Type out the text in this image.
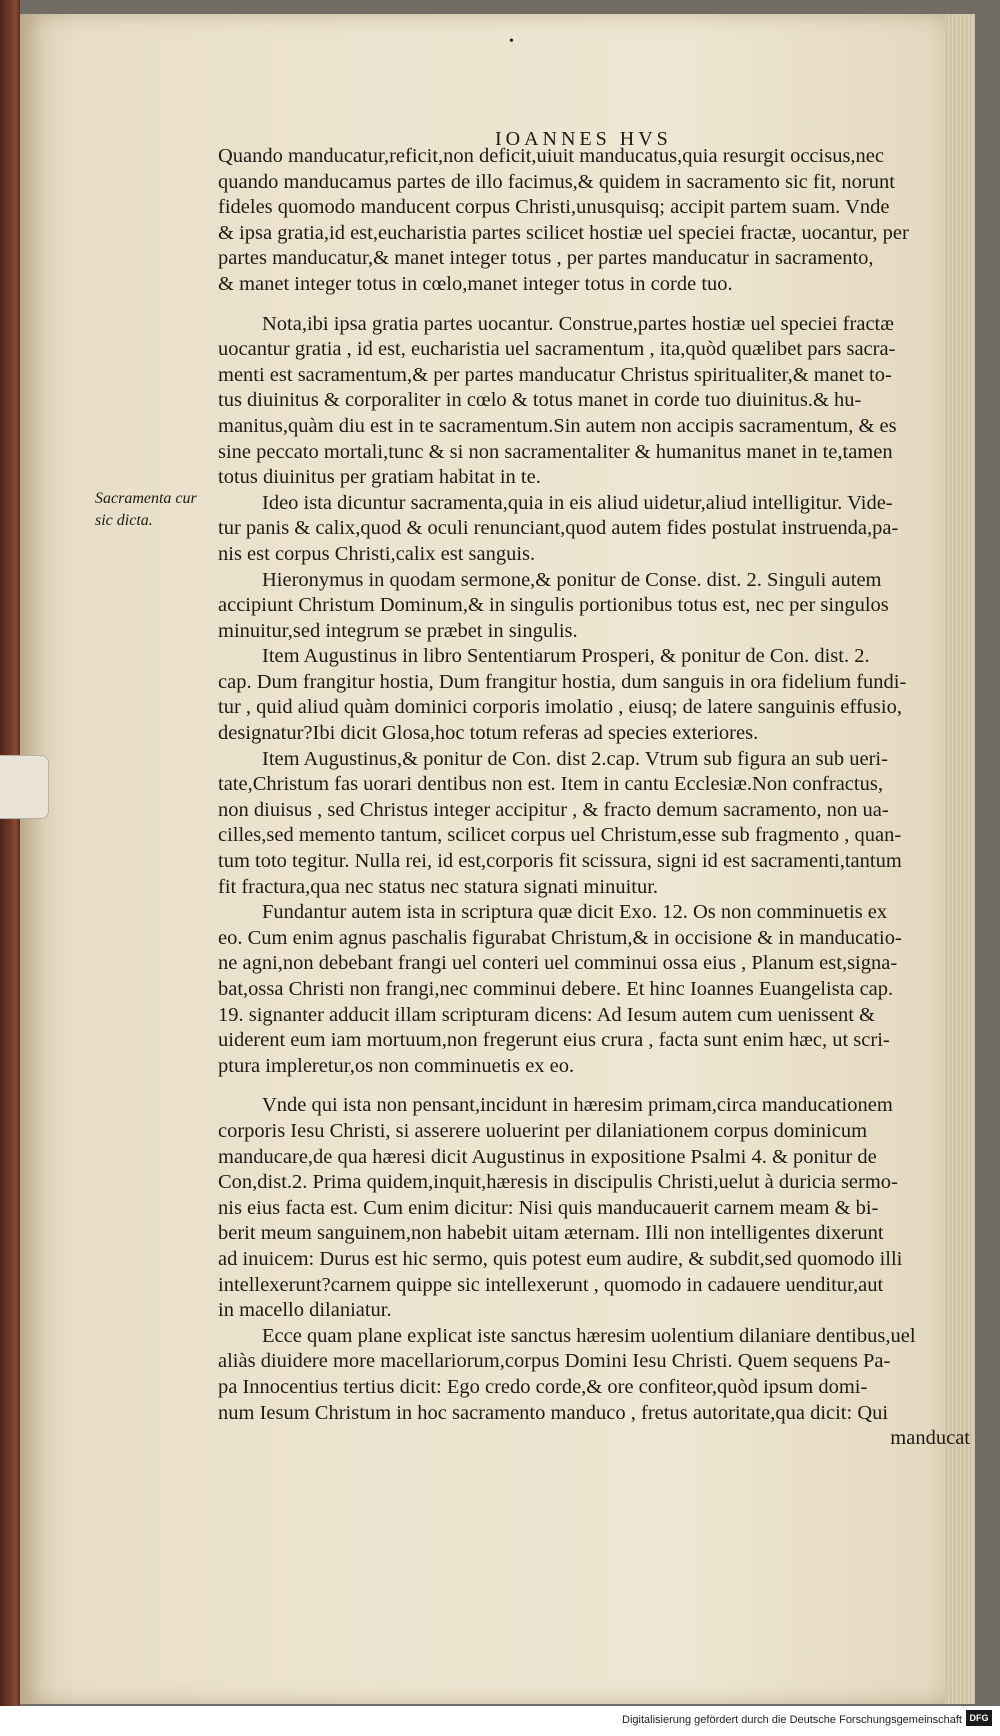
•
IOANNES HVS
Sacramenta cur
sic dicta.
Quando manducatur,reficit,non deficit,uiuit manducatus,quia resurgit occisus,nec
quando manducamus partes de illo facimus,& quidem in sacramento sic fit, norunt
fideles quomodo manducent corpus Christi,unusquisq; accipit partem suam. Vnde
& ipsa gratia,id est,eucharistia partes scilicet hostiæ uel speciei fractæ, uocantur, per
partes manducatur,& manet integer totus , per partes manducatur in sacramento,
& manet integer totus in cœlo,manet integer totus in corde tuo.
Nota,ibi ipsa gratia partes uocantur. Construe,partes hostiæ uel speciei fractæ
uocantur gratia , id est, eucharistia uel sacramentum , ita,quòd quælibet pars sacra-
menti est sacramentum,& per partes manducatur Christus spiritualiter,& manet to-
tus diuinitus & corporaliter in cœlo & totus manet in corde tuo diuinitus.& hu-
manitus,quàm diu est in te sacramentum.Sin autem non accipis sacramentum, & es
sine peccato mortali,tunc & si non sacramentaliter & humanitus manet in te,tamen
totus diuinitus per gratiam habitat in te.
Ideo ista dicuntur sacramenta,quia in eis aliud uidetur,aliud intelligitur. Vide-
tur panis & calix,quod & oculi renunciant,quod autem fides postulat instruenda,pa-
nis est corpus Christi,calix est sanguis.
Hieronymus in quodam sermone,& ponitur de Conse. dist. 2. Singuli autem
accipiunt Christum Dominum,& in singulis portionibus totus est, nec per singulos
minuitur,sed integrum se præbet in singulis.
Item Augustinus in libro Sententiarum Prosperi, & ponitur de Con. dist. 2.
cap. Dum frangitur hostia, Dum frangitur hostia, dum sanguis in ora fidelium fundi-
tur , quid aliud quàm dominici corporis imolatio , eiusq; de latere sanguinis effusio,
designatur?Ibi dicit Glosa,hoc totum referas ad species exteriores.
Item Augustinus,& ponitur de Con. dist 2.cap. Vtrum sub figura an sub ueri-
tate,Christum fas uorari dentibus non est. Item in cantu Ecclesiæ.Non confractus,
non diuisus , sed Christus integer accipitur , & fracto demum sacramento, non ua-
cilles,sed memento tantum, scilicet corpus uel Christum,esse sub fragmento , quan-
tum toto tegitur. Nulla rei, id est,corporis fit scissura, signi id est sacramenti,tantum
fit fractura,qua nec status nec statura signati minuitur.
Fundantur autem ista in scriptura quæ dicit Exo. 12. Os non comminuetis ex
eo. Cum enim agnus paschalis figurabat Christum,& in occisione & in manducatio-
ne agni,non debebant frangi uel conteri uel comminui ossa eius , Planum est,signa-
bat,ossa Christi non frangi,nec comminui debere. Et hinc Ioannes Euangelista cap.
19. signanter adducit illam scripturam dicens: Ad Iesum autem cum uenissent &
uiderent eum iam mortuum,non fregerunt eius crura , facta sunt enim hæc, ut scri-
ptura impleretur,os non comminuetis ex eo.
Vnde qui ista non pensant,incidunt in hæresim primam,circa manducationem
corporis Iesu Christi, si asserere uoluerint per dilaniationem corpus dominicum
manducare,de qua hæresi dicit Augustinus in expositione Psalmi 4. & ponitur de
Con,dist.2. Prima quidem,inquit,hæresis in discipulis Christi,uelut à duricia sermo-
nis eius facta est. Cum enim dicitur: Nisi quis manducauerit carnem meam & bi-
berit meum sanguinem,non habebit uitam æternam. Illi non intelligentes dixerunt
ad inuicem: Durus est hic sermo, quis potest eum audire, & subdit,sed quomodo illi
intellexerunt?carnem quippe sic intellexerunt , quomodo in cadauere uenditur,aut
in macello dilaniatur.
Ecce quam plane explicat iste sanctus hæresim uolentium dilaniare dentibus,uel
aliàs diuidere more macellariorum,corpus Domini Iesu Christi. Quem sequens Pa-
pa Innocentius tertius dicit: Ego credo corde,& ore confiteor,quòd ipsum domi-
num Iesum Christum in hoc sacramento manduco , fretus autoritate,qua dicit: Qui
manducat
Digitalisierung gefördert durch die Deutsche Forschungsgemeinschaft DFG
